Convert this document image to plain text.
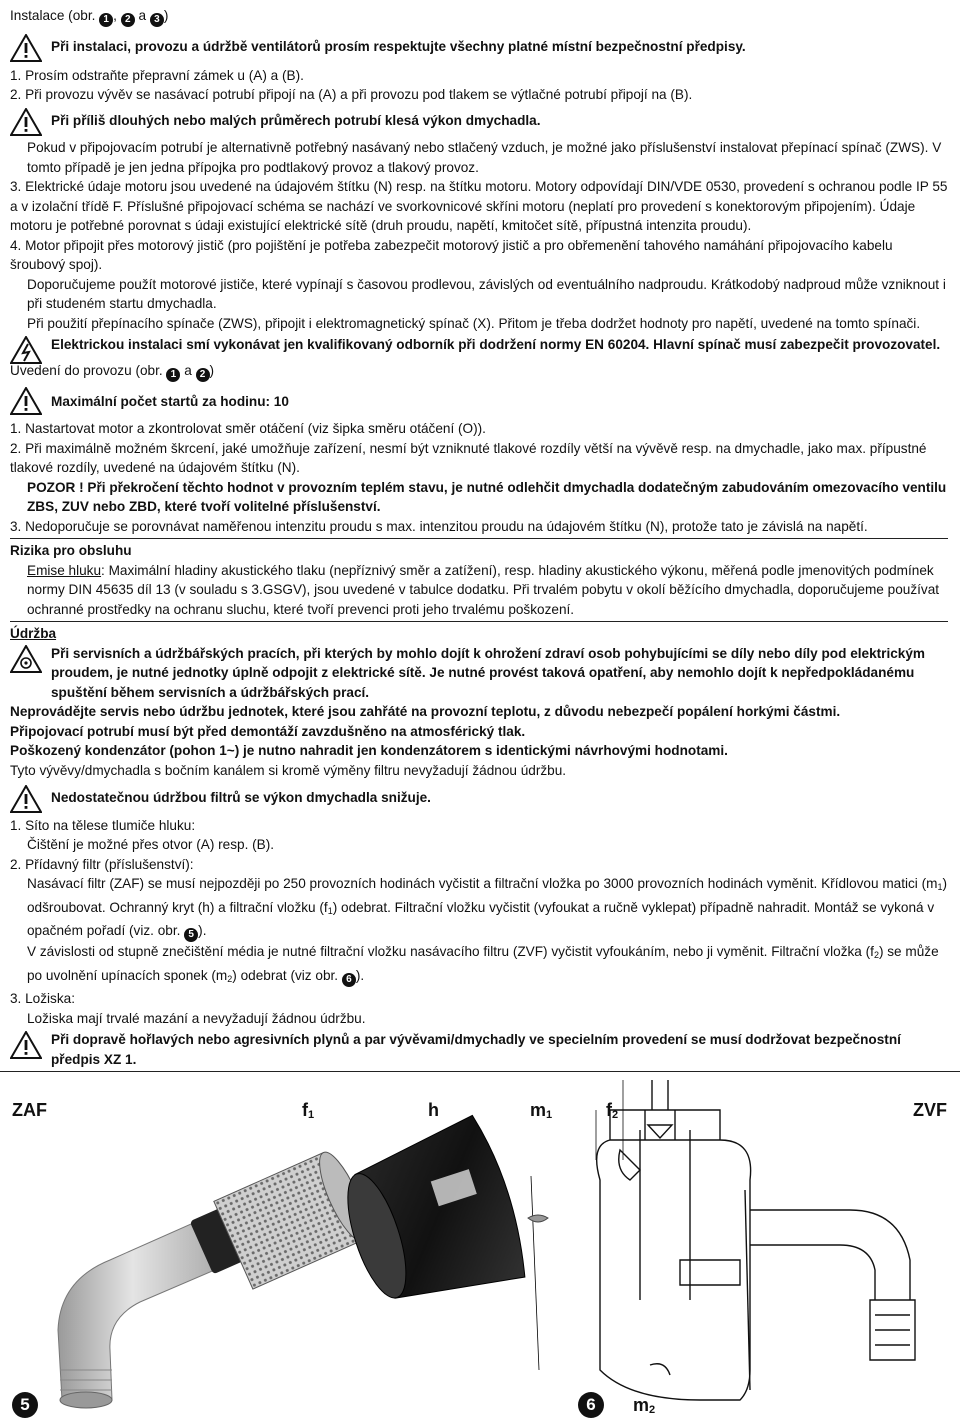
Instalace (obr. 1 , 2 a 3 )

Při instalaci, provozu a údržbě ventilátorů prosím respektujte všechny platné místní bezpečnostní předpisy.

1. Prosím odstraňte přepravní zámek u (A) a (B).

2. Při provozu vývěv se nasávací potrubí připojí na (A) a při provozu pod tlakem se výtlačné potrubí připojí na (B).

Při příliš dlouhých nebo malých průměrech potrubí klesá výkon dmychadla.

Pokud v připojovacím potrubí je alternativně potřebný nasávaný nebo stlačený vzduch, je možné jako příslušenství instalovat přepínací spínač (ZWS). V tomto případě je jen jedna přípojka pro podtlakový provoz a tlakový provoz.

3. Elektrické údaje motoru jsou uvedené na údajovém štítku (N) resp. na štítku motoru. Motory odpovídají DIN/VDE 0530, provedení s ochranou podle IP 55 a v izolační třídě F. Příslušné připojovací schéma se nachází ve svorkovnicové skříni motoru (neplatí pro provedení s konektorovým připojením). Údaje motoru je potřebné porovnat s údaji existující elektrické sítě (druh proudu, napětí, kmitočet sítě, přípustná intenzita proudu).

4. Motor připojit přes motorový jistič (pro pojištění je potřeba zabezpečit motorový jistič a pro obřemenění tahového namáhání připojovacího kabelu šroubový spoj).

Doporučujeme použít motorové jističe, které vypínají s časovou prodlevou, závislých od eventuálního nadproudu. Krátkodobý nadproud může vzniknout i při studeném startu dmychadla.

Při použití přepínacího spínače (ZWS), připojit i elektromagnetický spínač (X). Přitom je třeba dodržet hodnoty pro napětí, uvedené na tomto spínači.

Elektrickou instalaci smí vykonávat jen kvalifikovaný odborník při dodržení normy EN 60204. Hlavní spínač musí zabezpečit provozovatel.

Uvedení do provozu (obr. 1 a 2 )

Maximální počet startů za hodinu: 10

1. Nastartovat motor a zkontrolovat směr otáčení (viz šipka směru otáčení (O)).

2. Při maximálně možném škrcení, jaké umožňuje zařízení, nesmí být vzniknuté tlakové rozdíly větší na vývěvě resp. na dmychadle, jako max. přípustné tlakové rozdíly, uvedené na údajovém štítku (N).

POZOR ! Při překročení těchto hodnot v provozním teplém stavu, je nutné odlehčit dmychadla dodatečným zabudováním omezovacího ventilu ZBS, ZUV nebo ZBD, které tvoří volitelné příslušenství.

3. Nedoporučuje se porovnávat naměřenou intenzitu proudu s max. intenzitou proudu na údajovém štítku (N), protože tato je závislá na napětí.

Rizika pro obsluhu

Emise hluku: Maximální hladiny akustického tlaku (nepříznivý směr a zatížení), resp. hladiny akustického výkonu, měřená podle jmenovitých podmínek normy DIN 45635 díl 13 (v souladu s 3.GSGV), jsou uvedené v tabulce dodatku. Při trvalém pobytu v okolí běžícího dmychadla, doporučujeme používat ochranné prostředky na ochranu sluchu, které tvoří prevenci proti jeho trvalému poškození.

Údržba

Při servisních a údržbářských pracích, při kterých by mohlo dojít k ohrožení zdraví osob pohybujícími se díly nebo díly pod elektrickým proudem, je nutné jednotky úplně odpojit z elektrické sítě. Je nutné provést taková opatření, aby nemohlo dojít k nepředpokládanému spuštění během servisních a údržbářských prací.

Neprovádějte servis nebo údržbu jednotek, které jsou zahřáté na provozní teplotu, z důvodu nebezpečí popálení horkými částmi.

Připojovací potrubí musí být před demontáží zavzdušněno na atmosférický tlak.

Poškozený kondenzátor (pohon 1~) je nutno nahradit jen kondenzátorem s identickými návrhovými hodnotami.

Tyto vývěvy/dmychadla s bočním kanálem si kromě výměny filtru nevyžadují žádnou údržbu.

Nedostatečnou údržbou filtrů se výkon dmychadla snižuje.

1. Síto na tělese tlumiče hluku:

Čištění je možné přes otvor (A) resp. (B).

2. Přídavný filtr (příslušenství):

Nasávací filtr (ZAF) se musí nejpozději po 250 provozních hodinách vyčistit a filtrační vložka po 3000 provozních hodinách vyměnit. Křídlovou matici $(m_1)$ odšroubovat. Ochranný kryt (h) a filtrační vložku $(f_1)$ odebrat. Filtrační vložku vyčistit (vyfoukat a ručně vyklepat) případně nahradit. Montáž se vykoná v opačném pořadí (viz. obr. 5 ).

V závislosti od stupně znečištění média je nutné filtrační vložku nasávacího filtru (ZVF) vyčistit vyfoukáním, nebo ji vyměnit. Filtrační vložka $(f_2)$ se může po uvolnění upínacích sponek $(m_2)$ odebrat (viz obr. 6 ).

3. Ložiska:

Ložiska mají trvalé mazání a nevyžadují žádnou údržbu.

Při dopravě hořlavých nebo agresivních plynů a par vývěvami/dmychadly ve specielním provedení se musí dodržovat bezpečnostní předpis XZ 1.

ZAF	f1	h	m1	f2	ZVF
5	6	m2
